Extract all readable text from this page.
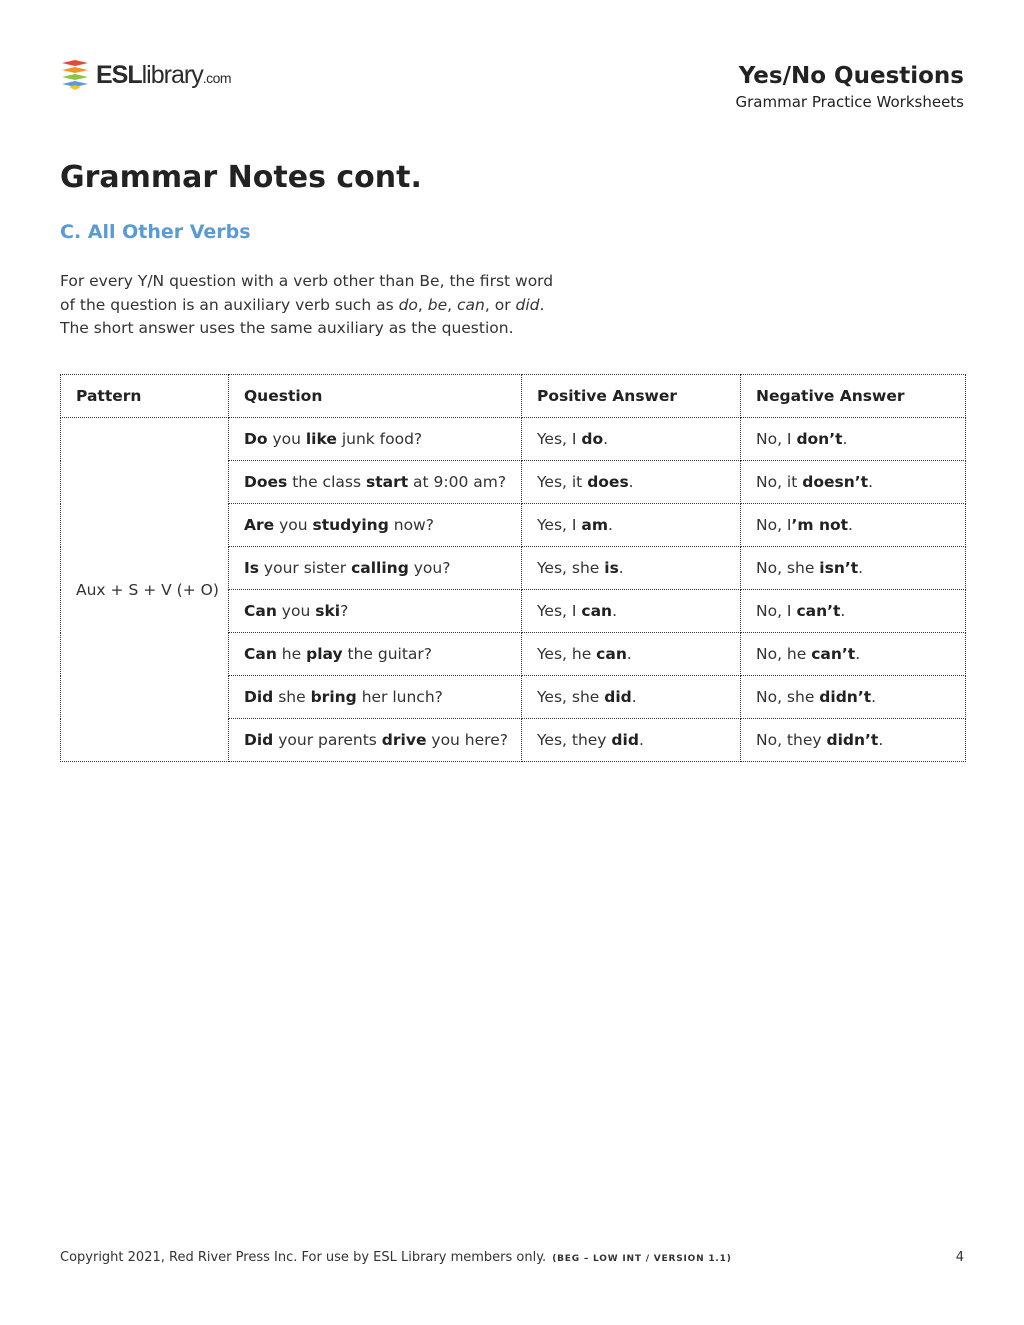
ESLlibrary.com	Yes/No Questions
Grammar Practice Worksheets
Grammar Notes cont.
C. All Other Verbs
For every Y/N question with a verb other than Be, the first word
of the question is an auxiliary verb such as do, be, can, or did.
The short answer uses the same auxiliary as the question.
Pattern	Question	Positive Answer	Negative Answer
Aux + S + V (+ O)	Do you like junk food?	Yes, I do.	No, I don’t.
	Does the class start at 9:00 am?	Yes, it does.	No, it doesn’t.
	Are you studying now?	Yes, I am.	No, I’m not.
	Is your sister calling you?	Yes, she is.	No, she isn’t.
	Can you ski?	Yes, I can.	No, I can’t.
	Can he play the guitar?	Yes, he can.	No, he can’t.
	Did she bring her lunch?	Yes, she did.	No, she didn’t.
	Did your parents drive you here?	Yes, they did.	No, they didn’t.
Copyright 2021, Red River Press Inc. For use by ESL Library members only. (BEG – LOW INT / VERSION 1.1)	4
